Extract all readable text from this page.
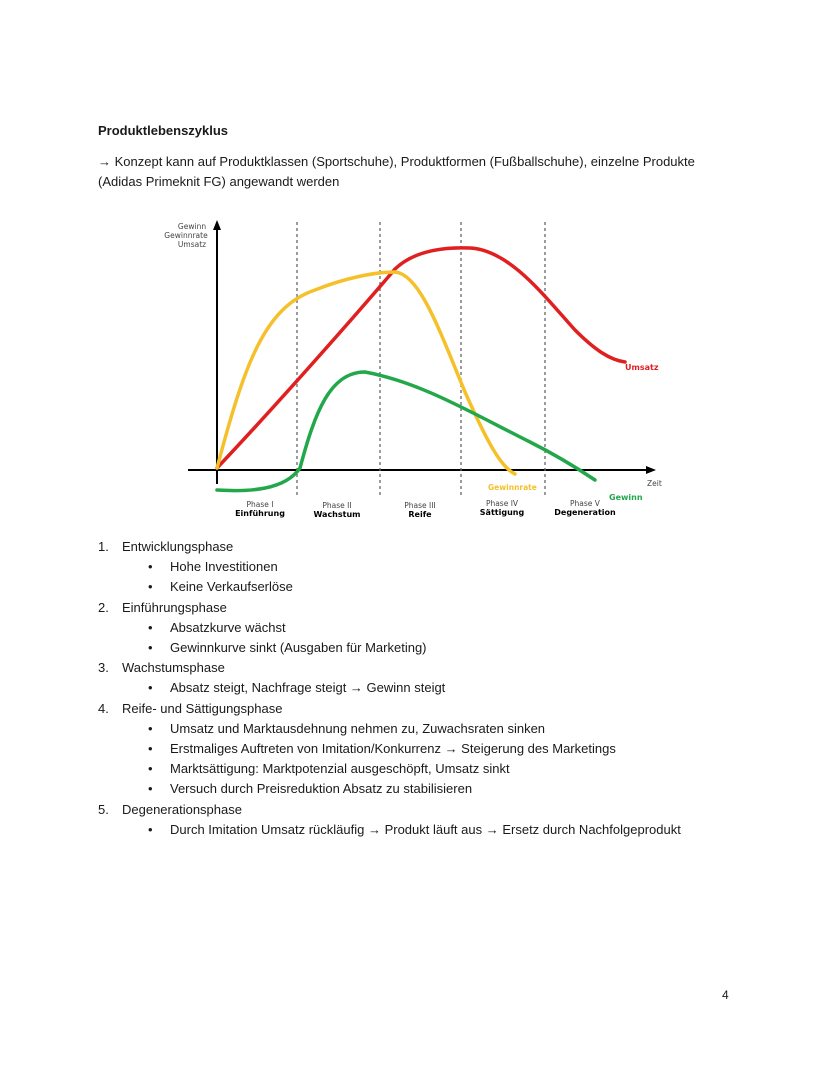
Produktlebenszyklus

→ Konzept kann auf Produktklassen (Sportschuhe), Produktformen (Fußballschuhe), einzelne Produkte (Adidas Primeknit FG) angewandt werden

Gewinn
Gewinnrate
Umsatz
Zeit
Umsatz
Gewinnrate
Gewinn
Phase I
Einführung
Phase II
Wachstum
Phase III
Reife
Phase IV
Sättigung
Phase V
Degeneration
1.	Entwicklungsphase
•	Hohe Investitionen
•	Keine Verkaufserlöse
2.	Einführungsphase
•	Absatzkurve wächst
•	Gewinnkurve sinkt (Ausgaben für Marketing)
3.	Wachstumsphase
•	Absatz steigt, Nachfrage steigt → Gewinn steigt
4.	Reife- und Sättigungsphase
•	Umsatz und Marktausdehnung nehmen zu, Zuwachsraten sinken
•	Erstmaliges Auftreten von Imitation/Konkurrenz → Steigerung des Marketings
•	Marktsättigung: Marktpotenzial ausgeschöpft, Umsatz sinkt
•	Versuch durch Preisreduktion Absatz zu stabilisieren
5.	Degenerationsphase
•	Durch Imitation Umsatz rückläufig → Produkt läuft aus → Ersetz durch Nachfolgeprodukt
4
